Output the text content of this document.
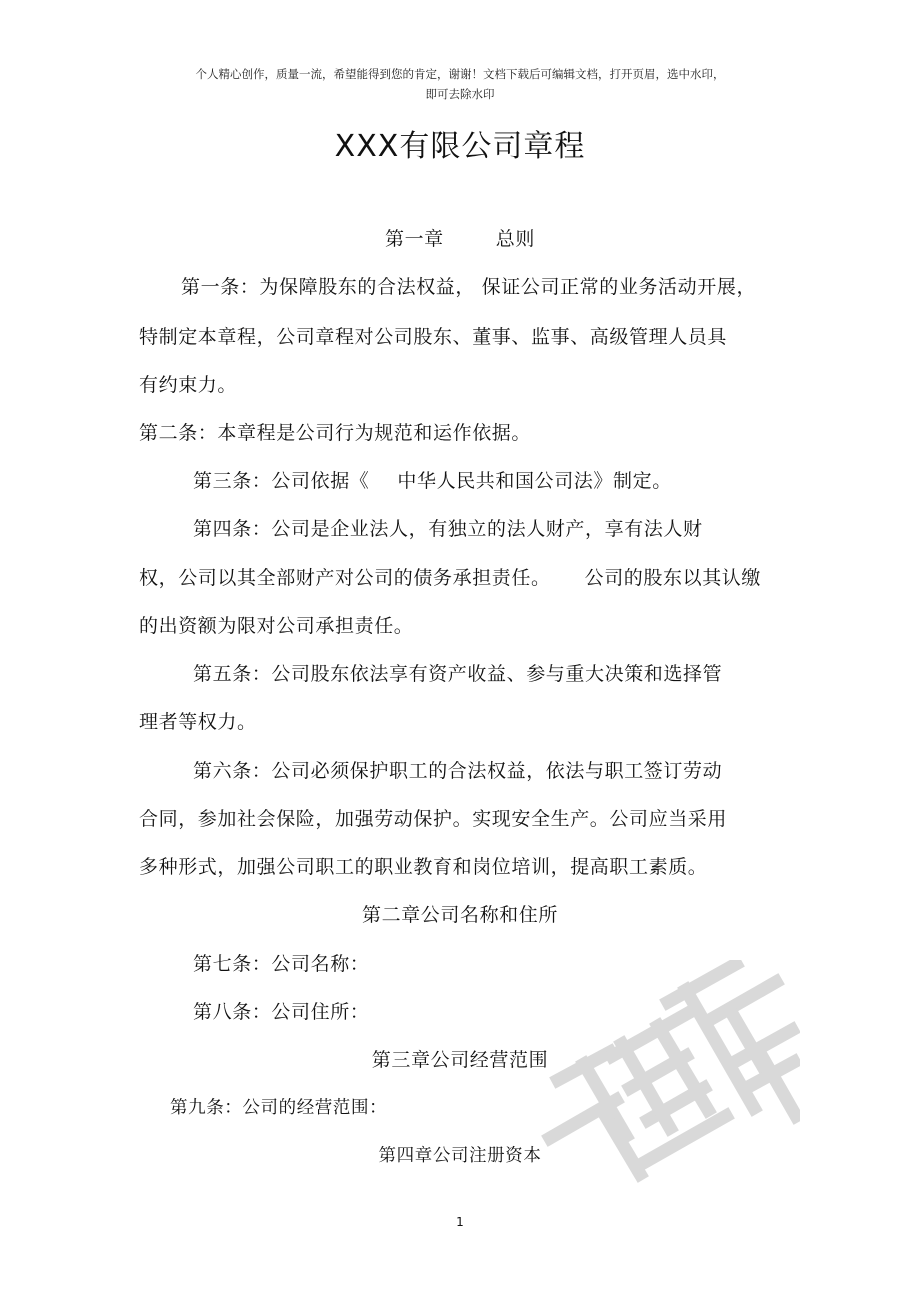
个人精心创作，质量一流，希望能得到您的肯定，谢谢！文档下载后可编辑文档，打开页眉，选中水印，
即可去除水印
XXX有限公司章程
第一章	总则
第一条：为保障股东的合法权益， 保证公司正常的业务活动开展，
特制定本章程，公司章程对公司股东、董事、监事、高级管理人员具
有约束力。
第二条：本章程是公司行为规范和运作依据。
第三条：公司依据《 中华人民共和国公司法》制定。
第四条：公司是企业法人，有独立的法人财产，享有法人财
权，公司以其全部财产对公司的债务承担责任。 公司的股东以其认缴
的出资额为限对公司承担责任。
第五条：公司股东依法享有资产收益、参与重大决策和选择管
理者等权力。
第六条：公司必须保护职工的合法权益，依法与职工签订劳动
合同，参加社会保险，加强劳动保护。实现安全生产。公司应当采用
多种形式，加强公司职工的职业教育和岗位培训，提高职工素质。
第二章公司名称和住所
第七条：公司名称：
第八条：公司住所：
第三章公司经营范围
第九条：公司的经营范围：
第四章公司注册资本
1
